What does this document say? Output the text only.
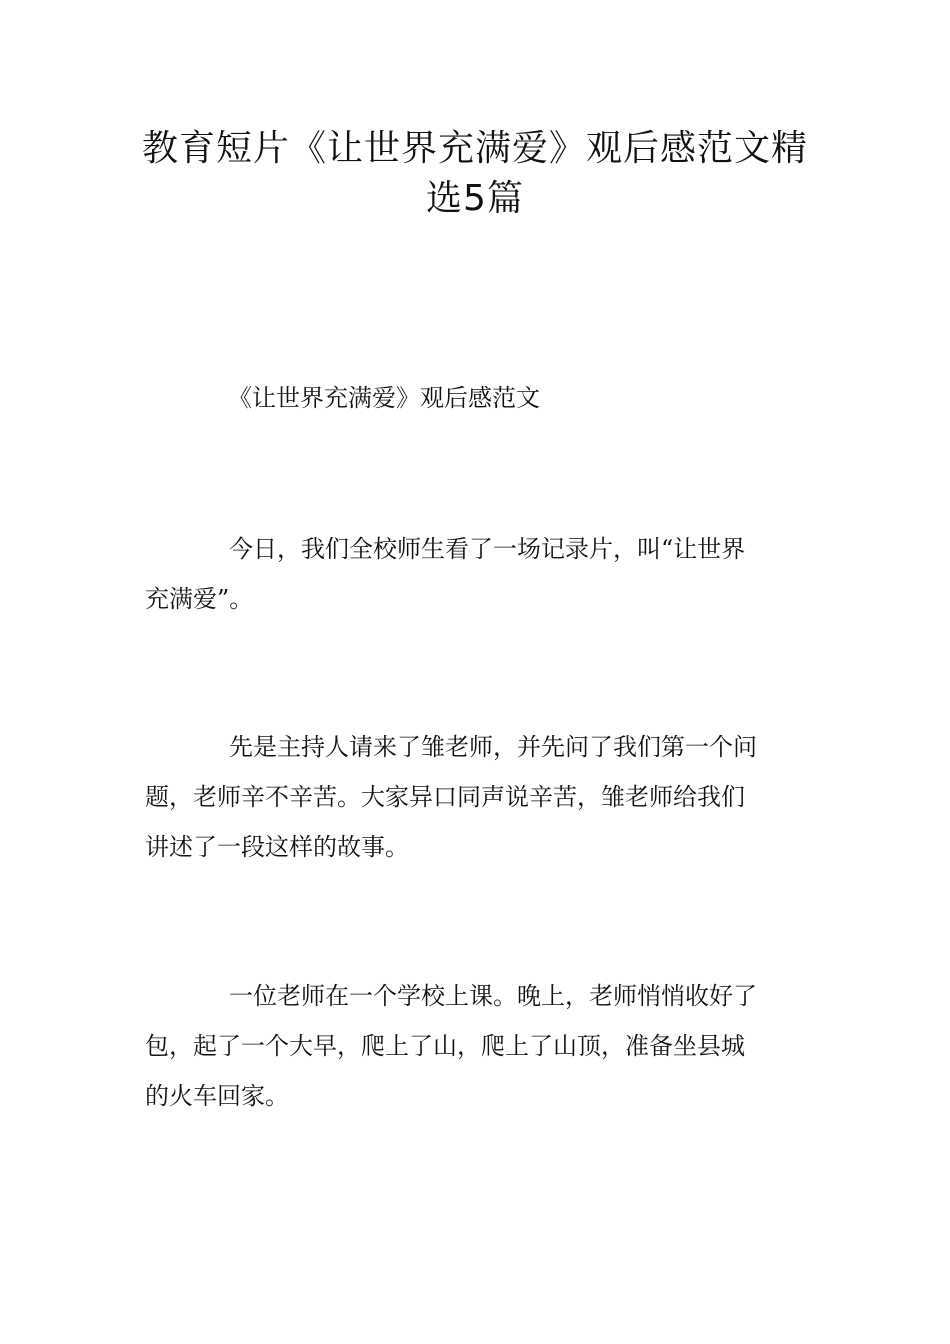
教育短片《让世界充满爱》观后感范文精
选5篇

《让世界充满爱》观后感范文

今日，我们全校师生看了一场记录片，叫“让世界
充满爱”。

先是主持人请来了雏老师，并先问了我们第一个问
题，老师辛不辛苦。大家异口同声说辛苦，雏老师给我们
讲述了一段这样的故事。

一位老师在一个学校上课。晚上，老师悄悄收好了
包，起了一个大早，爬上了山，爬上了山顶，准备坐县城
的火车回家。
